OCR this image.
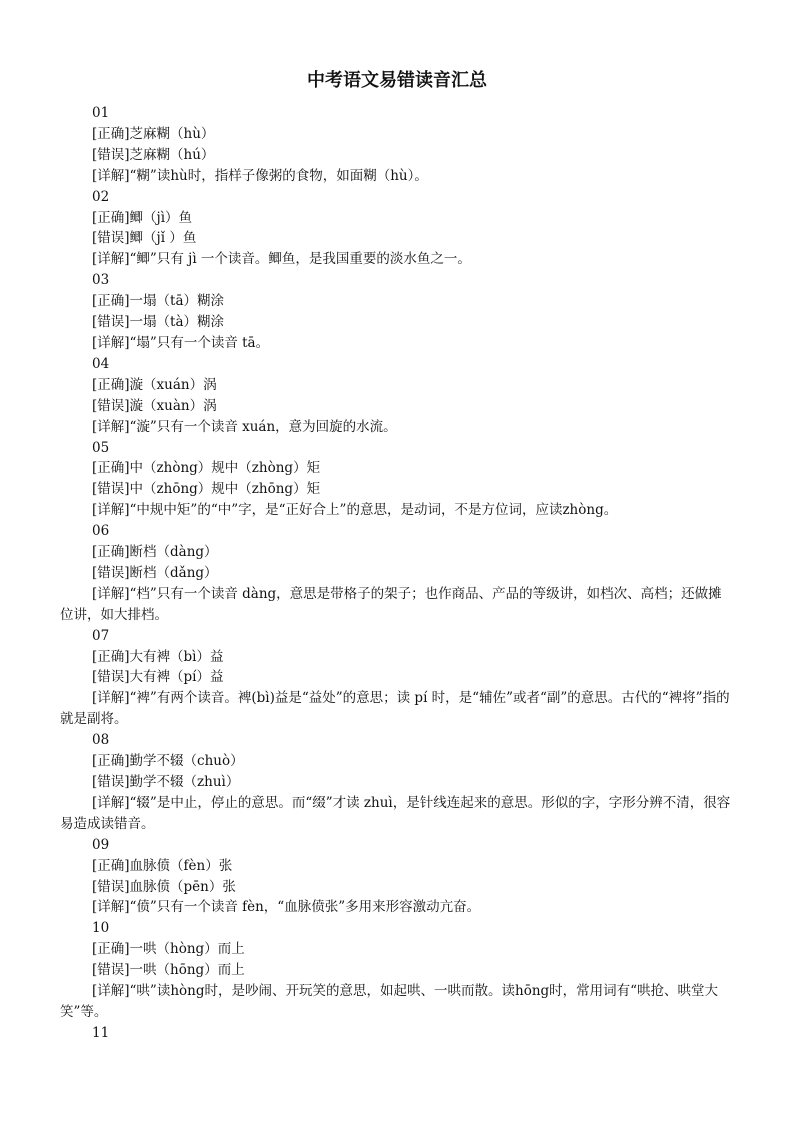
中考语文易错读音汇总
01
[正确]芝麻糊（hù）
[错误]芝麻糊（hú）
[详解]“糊”读hù时，指样子像粥的食物，如面糊（hù）。
02
[正确]鲫（jì）鱼
[错误]鲫（jǐ ）鱼
[详解]“鲫”只有 jì 一个读音。鲫鱼，是我国重要的淡水鱼之一。
03
[正确]一塌（tā）糊涂
[错误]一塌（tà）糊涂
[详解]“塌”只有一个读音 tā。
04
[正确]漩（xuán）涡
[错误]漩（xuàn）涡
[详解]“漩”只有一个读音 xuán，意为回旋的水流。
05
[正确]中（zhòng）规中（zhòng）矩
[错误]中（zhōng）规中（zhōng）矩
[详解]“中规中矩”的“中”字，是“正好合上”的意思，是动词，不是方位词，应读zhòng。
06
[正确]断档（dàng）
[错误]断档（dǎng）
[详解]“档”只有一个读音 dàng，意思是带格子的架子；也作商品、产品的等级讲，如档次、高档；还做摊位讲，如大排档。
07
[正确]大有裨（bì）益
[错误]大有裨（pí）益
[详解]“裨”有两个读音。裨(bì)益是“益处”的意思；读 pí 时，是“辅佐”或者“副”的意思。古代的“裨将”指的就是副将。
08
[正确]勤学不辍（chuò）
[错误]勤学不辍（zhuì）
[详解]“辍”是中止，停止的意思。而“缀”才读 zhuì，是针线连起来的意思。形似的字，字形分辨不清，很容易造成读错音。
09
[正确]血脉偾（fèn）张
[错误]血脉偾（pēn）张
[详解]“偾”只有一个读音 fèn，“血脉偾张”多用来形容激动亢奋。
10
[正确]一哄（hòng）而上
[错误]一哄（hōng）而上
[详解]“哄”读hòng时，是吵闹、开玩笑的意思，如起哄、一哄而散。读hōng时，常用词有“哄抢、哄堂大笑”等。
11
